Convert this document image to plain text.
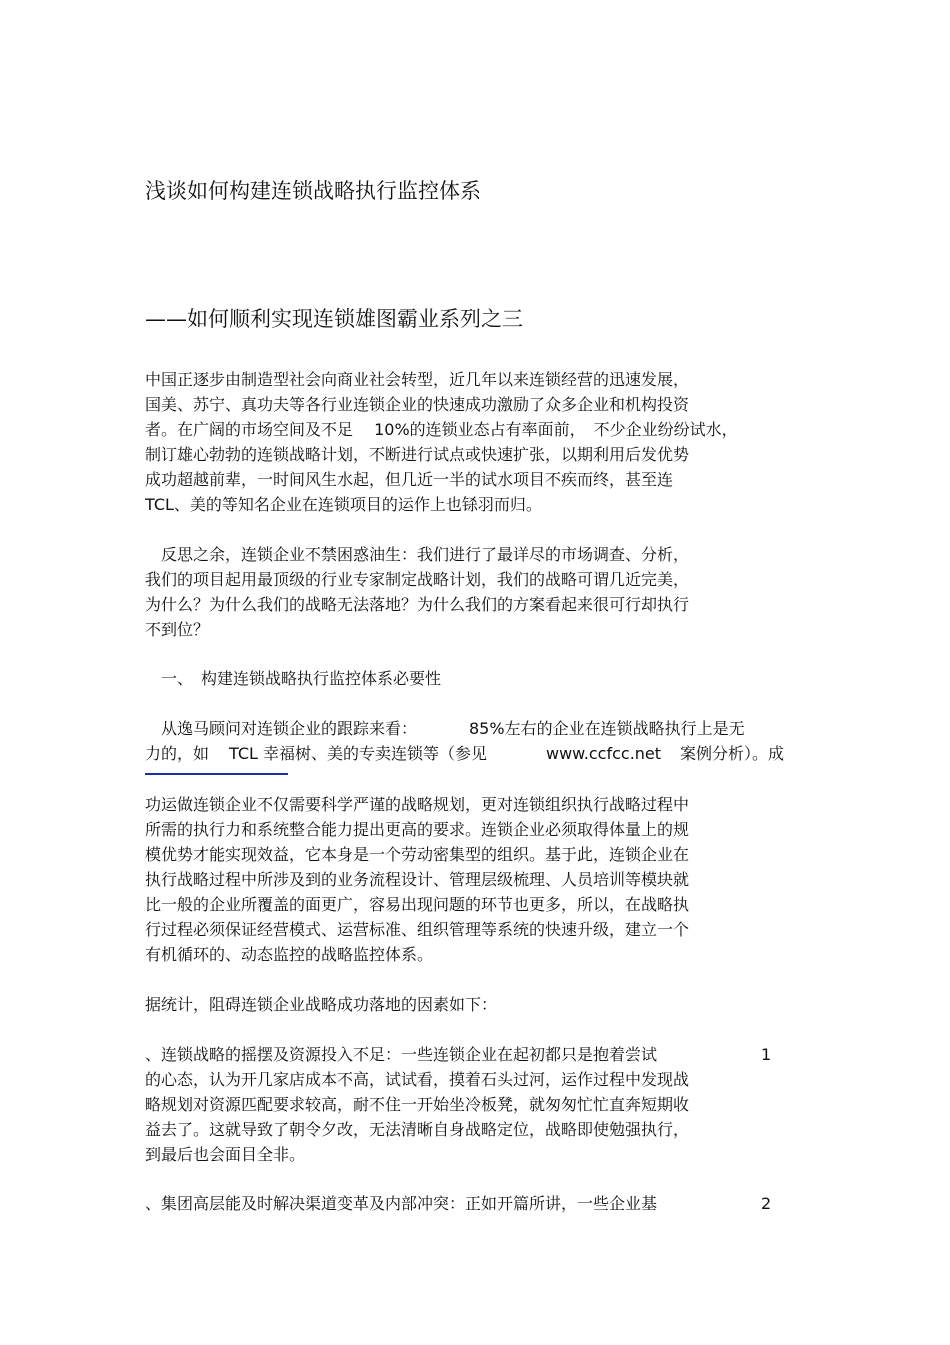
浅谈如何构建连锁战略执行监控体系
——如何顺利实现连锁雄图霸业系列之三
中国正逐步由制造型社会向商业社会转型，近几年以来连锁经营的迅速发展，
国美、苏宁、真功夫等各行业连锁企业的快速成功激励了众多企业和机构投资
者。在广阔的市场空间及不足　 10%的连锁业态占有率面前，　不少企业纷纷试水，
制订雄心勃勃的连锁战略计划，不断进行试点或快速扩张，以期利用后发优势
成功超越前辈，一时间风生水起，但几近一半的试水项目不疾而终，甚至连
TCL、美的等知名企业在连锁项目的运作上也铩羽而归。
　反思之余，连锁企业不禁困惑油生：我们进行了最详尽的市场调查、分析，
我们的项目起用最顶级的行业专家制定战略计划，我们的战略可谓几近完美，
为什么？为什么我们的战略无法落地？为什么我们的方案看起来很可行却执行
不到位？
　一、　构建连锁战略执行监控体系必要性
　从逸马顾问对连锁企业的跟踪来看：	85%左右的企业在连锁战略执行上是无
力的，如 TCL 幸福树、美的专卖连锁等（参见	www.ccfcc.net 案例分析）。成
功运做连锁企业不仅需要科学严谨的战略规划，更对连锁组织执行战略过程中
所需的执行力和系统整合能力提出更高的要求。连锁企业必须取得体量上的规
模优势才能实现效益，它本身是一个劳动密集型的组织。基于此，连锁企业在
执行战略过程中所涉及到的业务流程设计、管理层级梳理、人员培训等模块就
比一般的企业所覆盖的面更广，容易出现问题的环节也更多，所以，在战略执
行过程必须保证经营模式、运营标准、组织管理等系统的快速升级，建立一个
有机循环的、动态监控的战略监控体系。
据统计，阻碍连锁企业战略成功落地的因素如下：
、连锁战略的摇摆及资源投入不足：一些连锁企业在起初都只是抱着尝试	1
的心态，认为开几家店成本不高，试试看，摸着石头过河，运作过程中发现战
略规划对资源匹配要求较高，耐不住一开始坐冷板凳，就匆匆忙忙直奔短期收
益去了。这就导致了朝令夕改，无法清晰自身战略定位，战略即使勉强执行，
到最后也会面目全非。
、集团高层能及时解决渠道变革及内部冲突：正如开篇所讲，一些企业基	2
